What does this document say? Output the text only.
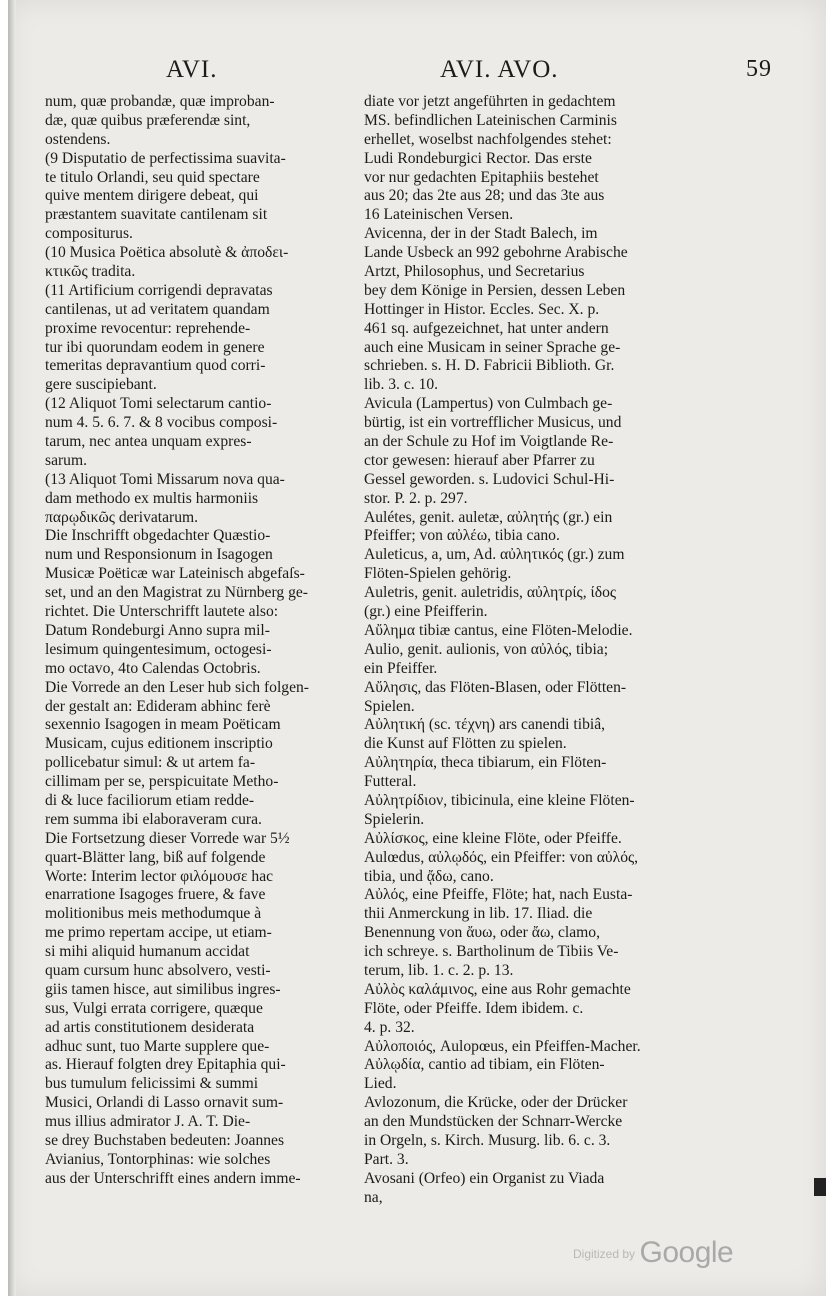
AVI.	AVI. AVO.	59
num, quæ probandæ, quæ improban-
dæ, quæ quibus præferendæ sint,
ostendens.
(9 Disputatio de perfectissima suavita-
te titulo Orlandi, seu quid spectare
quive mentem dirigere debeat, qui
præstantem suavitate cantilenam sit
compositurus.
(10 Musica Poëtica absolutè & ἀποδει-
κτικῶς tradita.
(11 Artificium corrigendi depravatas
cantilenas, ut ad veritatem quandam
proxime revocentur: reprehende-
tur ibi quorundam eodem in genere
temeritas depravantium quod corri-
gere suscipiebant.
(12 Aliquot Tomi selectarum cantio-
num 4. 5. 6. 7. & 8 vocibus composi-
tarum, nec antea unquam expres-
sarum.
(13 Aliquot Tomi Missarum nova qua-
dam methodo ex multis harmoniis
παρῳδικῶς derivatarum.
Die Inschrifft obgedachter Quæstio-
num und Responsionum in Isagogen
Musicæ Poëticæ war Lateinisch abgefaſs-
set, und an den Magistrat zu Nürnberg ge-
richtet. Die Unterschrifft lautete also:
Datum Rondeburgi Anno supra mil-
lesimum quingentesimum, octogesi-
mo octavo, 4to Calendas Octobris.
Die Vorrede an den Leser hub sich folgen-
der gestalt an: Edideram abhinc ferè
sexennio Isagogen in meam Poëticam
Musicam, cujus editionem inscriptio
pollicebatur simul: & ut artem fa-
cillimam per se, perspicuitate Metho-
di & luce faciliorum etiam redde-
rem summa ibi elaboraveram cura.
Die Fortsetzung dieser Vorrede war 5½
quart-Blätter lang, biß auf folgende
Worte: Interim lector φιλόμουσε hac
enarratione Isagoges fruere, & fave
molitionibus meis methodumque à
me primo repertam accipe, ut etiam-
si mihi aliquid humanum accidat
quam cursum hunc absolvero, vesti-
giis tamen hisce, aut similibus ingres-
sus, Vulgi errata corrigere, quæque
ad artis constitutionem desiderata
adhuc sunt, tuo Marte supplere que-
as. Hierauf folgten drey Epitaphia qui-
bus tumulum felicissimi & summi
Musici, Orlandi di Lasso ornavit sum-
mus illius admirator J. A. T. Die-
se drey Buchstaben bedeuten: Joannes
Avianius, Tontorphinas: wie solches
aus der Unterschrifft eines andern imme-
diate vor jetzt angeführten in gedachtem
MS. befindlichen Lateinischen Carminis
erhellet, woselbst nachfolgendes stehet:
Ludi Rondeburgici Rector. Das erste
vor nur gedachten Epitaphiis bestehet
aus 20; das 2te aus 28; und das 3te aus
16 Lateinischen Versen.
Avicenna, der in der Stadt Balech, im
Lande Usbeck an 992 gebohrne Arabische
Artzt, Philosophus, und Secretarius
bey dem Könige in Persien, dessen Leben
Hottinger in Histor. Eccles. Sec. X. p.
461 sq. aufgezeichnet, hat unter andern
auch eine Musicam in seiner Sprache ge-
schrieben. s. H. D. Fabricii Biblioth. Gr.
lib. 3. c. 10.
Avicula (Lampertus) von Culmbach ge-
bürtig, ist ein vortrefflicher Musicus, und
an der Schule zu Hof im Voigtlande Re-
ctor gewesen: hierauf aber Pfarrer zu
Gessel geworden. s. Ludovici Schul-Hi-
stor. P. 2. p. 297.
Aulétes, genit. auletæ, αὐλητής (gr.) ein
Pfeiffer; von αὐλέω, tibia cano.
Auleticus, a, um, Ad. αὐλητικός (gr.) zum
Flöten-Spielen gehörig.
Auletris, genit. auletridis, αὐλητρίς, ίδος
(gr.) eine Pfeifferin.
Αὔλημα tibiæ cantus, eine Flöten-Melodie.
Aulio, genit. aulionis, von αὐλός, tibia;
ein Pfeiffer.
Αὔλησις, das Flöten-Blasen, oder Flötten-
Spielen.
Αὐλητική (sc. τέχνη) ars canendi tibiâ,
die Kunst auf Flötten zu spielen.
Αὐλητηρία, theca tibiarum, ein Flöten-
Futteral.
Αὐλητρίδιον, tibicinula, eine kleine Flöten-
Spielerin.
Αὐλίσκος, eine kleine Flöte, oder Pfeiffe.
Aulœdus, αὐλῳδός, ein Pfeiffer: von αὐλός,
tibia, und ᾄδω, cano.
Αὐλός, eine Pfeiffe, Flöte; hat, nach Eusta-
thii Anmerckung in lib. 17. Iliad. die
Benennung von ἄυω, oder ἄω, clamo,
ich schreye. s. Bartholinum de Tibiis Ve-
terum, lib. 1. c. 2. p. 13.
Αὐλὸς καλάμινος, eine aus Rohr gemachte
Flöte, oder Pfeiffe. Idem ibidem. c.
4. p. 32.
Αὐλοποιός, Aulopœus, ein Pfeiffen-Macher.
Αὐλῳδία, cantio ad tibiam, ein Flöten-
Lied.
Avlozonum, die Krücke, oder der Drücker
an den Mundstücken der Schnarr-Wercke
in Orgeln, s. Kirch. Musurg. lib. 6. c. 3.
Part. 3.
Avosani (Orfeo) ein Organist zu Viada
na,
$^{Digitized by}$ Google
